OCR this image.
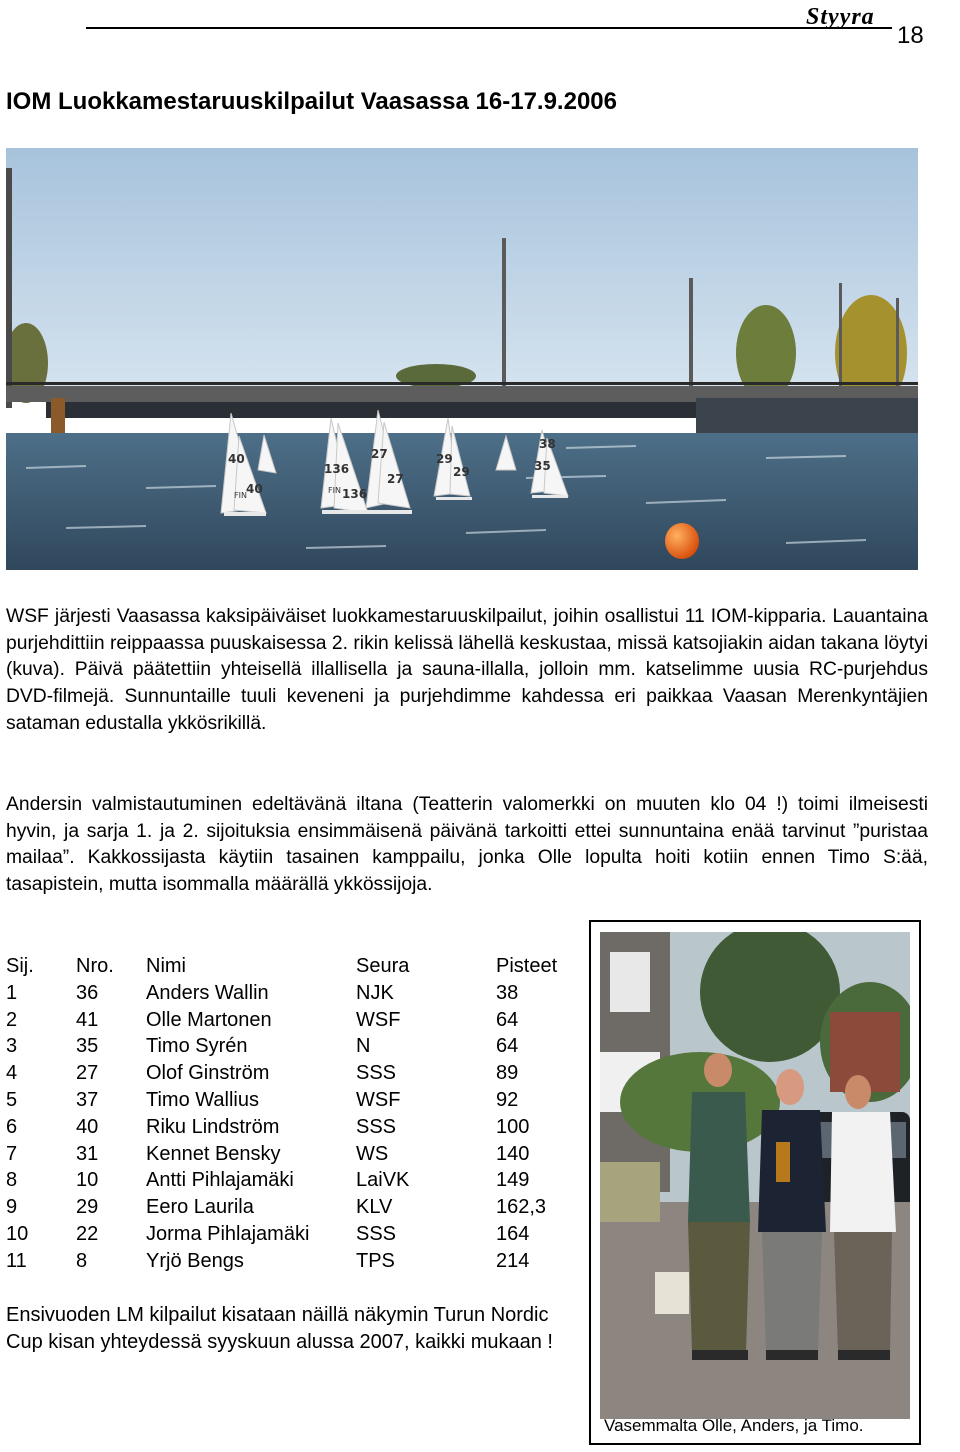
Styyra
18
IOM Luokkamestaruuskilpailut Vaasassa 16-17.9.2006
40
40
136
136
27
27
29
29
38
35
FIN
FIN

WSF järjesti Vaasassa kaksipäiväiset luokkamestaruuskilpailut, joihin osallistui 11 IOM-kipparia. Lauantaina purjehdittiin reippaassa puuskaisessa 2. rikin kelissä lähellä keskustaa, missä katsojiakin aidan takana löytyi (kuva). Päivä päätettiin yhteisellä illallisella ja sauna-illalla, jolloin mm. katselimme uusia RC-purjehdus DVD-filmejä. Sunnuntaille tuuli keveneni ja purjehdimme kahdessa eri paikkaa Vaasan Merenkyntäjien sataman edustalla ykkösrikillä.

Andersin valmistautuminen edeltävänä iltana (Teatterin valomerkki on muuten klo 04 !) toimi ilmeisesti hyvin, ja sarja 1. ja 2. sijoituksia ensimmäisenä päivänä tarkoitti ettei sunnuntaina enää tarvinut ”puristaa mailaa”. Kakkossijasta käytiin tasainen kamppailu, jonka Olle lopulta hoiti kotiin ennen Timo S:ää, tasapistein, mutta isommalla määrällä ykkössijoja.

Sij.	Nro.	Nimi	Seura	Pisteet
1	36	Anders Wallin	NJK	38
2	41	Olle Martonen	WSF	64
3	35	Timo Syrén	N	64
4	27	Olof Ginström	SSS	89
5	37	Timo Wallius	WSF	92
6	40	Riku Lindström	SSS	100
7	31	Kennet Bensky	WS	140
8	10	Antti Pihlajamäki	LaiVK	149
9	29	Eero Laurila	KLV	162,3
10	22	Jorma Pihlajamäki	SSS	164
11	8	Yrjö Bengs	TPS	214

Ensivuoden LM kilpailut kisataan näillä näkymin Turun Nordic Cup kisan yhteydessä syyskuun alussa 2007, kaikki mukaan !

Vasemmalta Olle, Anders, ja Timo.
